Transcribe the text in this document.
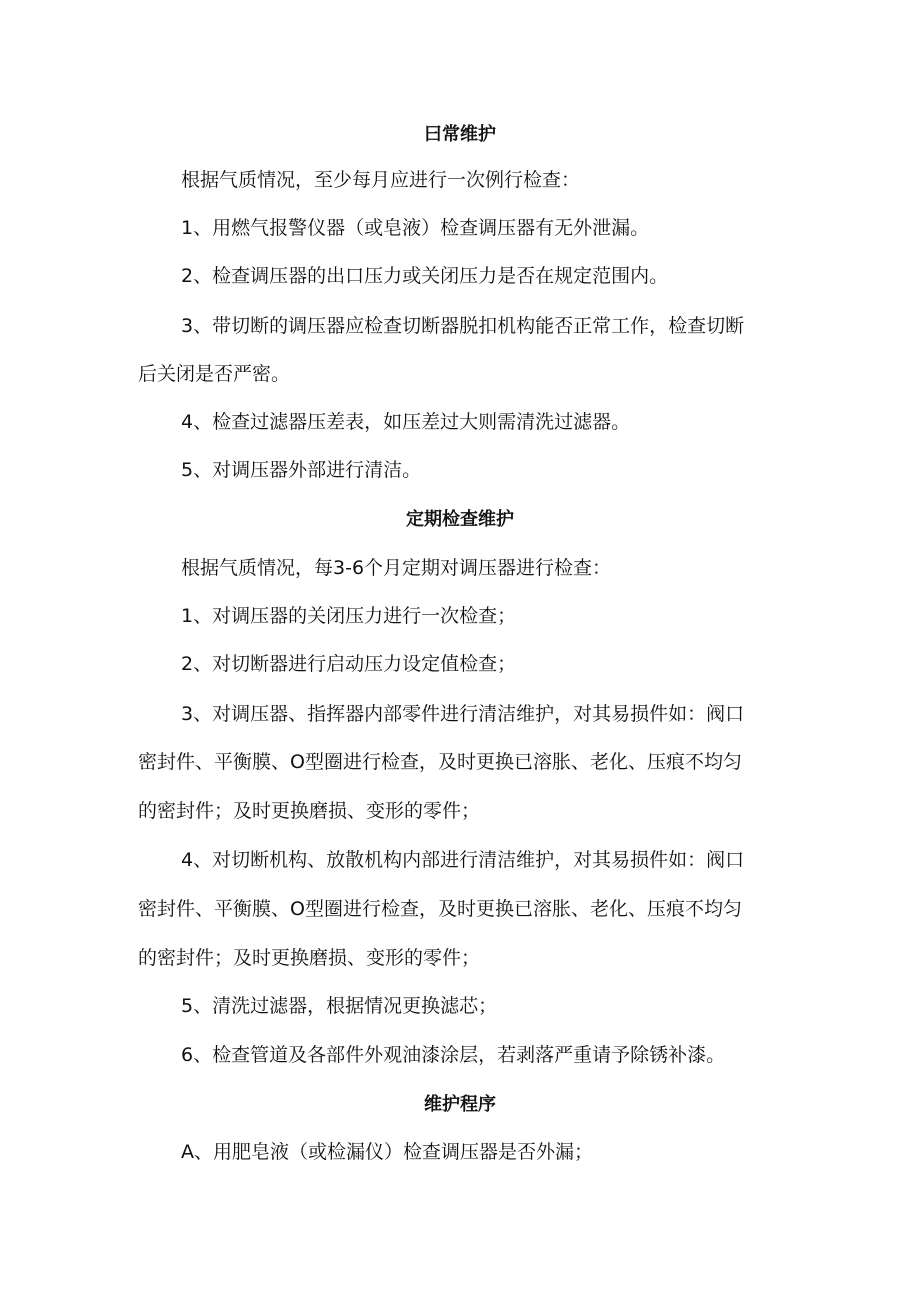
曰常维护
根据气质情况，至少每月应进行一次例行检查：
1、用燃气报警仪器（或皂液）检查调压器有无外泄漏。
2、检查调压器的出口压力或关闭压力是否在规定范围内。
3、带切断的调压器应检查切断器脱扣机构能否正常工作，检查切断
后关闭是否严密。
4、检查过滤器压差表，如压差过大则需清洗过滤器。
5、对调压器外部进行清洁。
定期检查维护
根据气质情况，每3-6个月定期对调压器进行检查：
1、对调压器的关闭压力进行一次检查；
2、对切断器进行启动压力设定值检查；
3、对调压器、指挥器内部零件进行清洁维护，对其易损件如：阀口
密封件、平衡膜、O型圈进行检查，及时更换已溶胀、老化、压痕不均匀
的密封件；及时更换磨损、变形的零件；
4、对切断机构、放散机构内部进行清洁维护，对其易损件如：阀口
密封件、平衡膜、O型圈进行检查，及时更换已溶胀、老化、压痕不均匀
的密封件；及时更换磨损、变形的零件；
5、清洗过滤器，根据情况更换滤芯；
6、检查管道及各部件外观油漆涂层，若剥落严重请予除锈补漆。
维护程序
A、用肥皂液（或检漏仪）检查调压器是否外漏；
